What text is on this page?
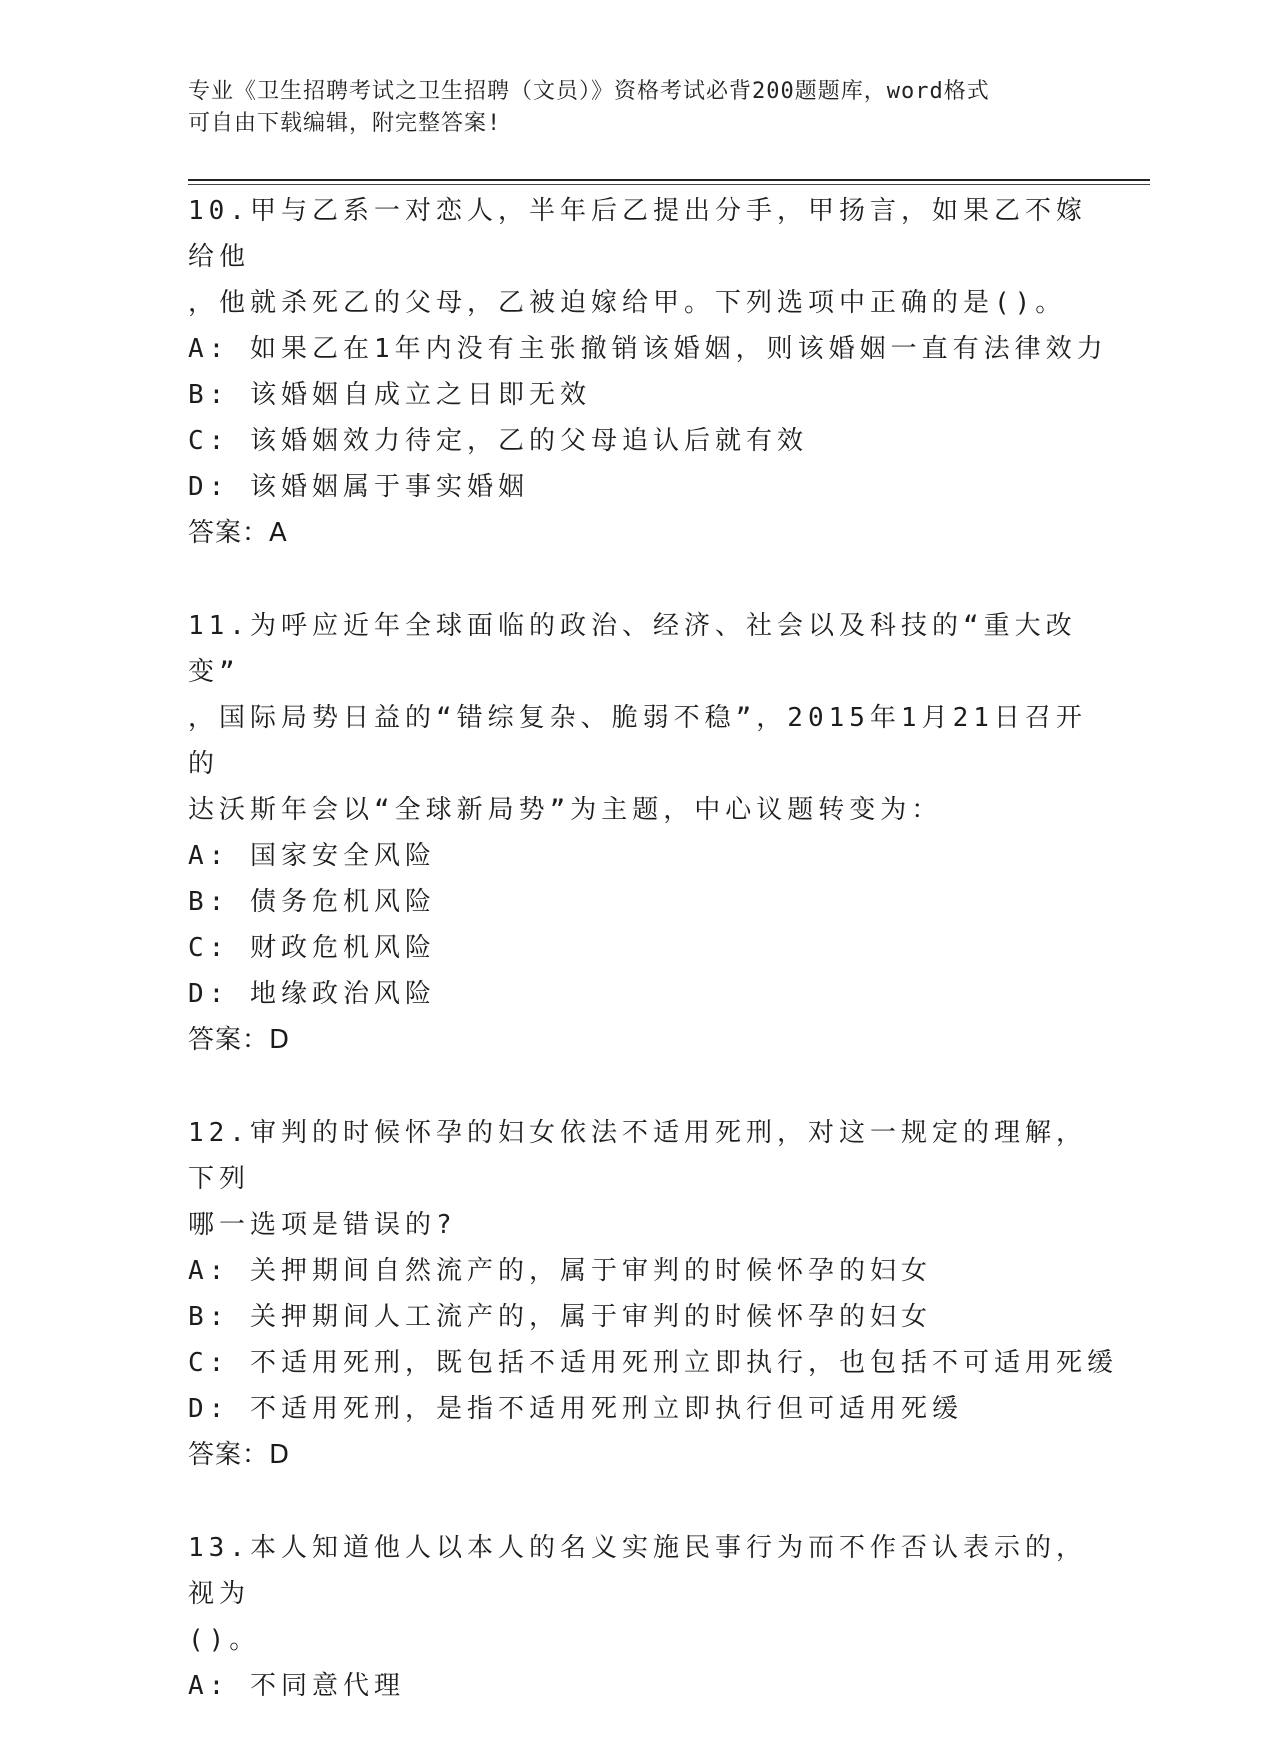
专业《卫生招聘考试之卫生招聘（文员）》资格考试必背200题题库，word格式
可自由下载编辑，附完整答案!
10.甲与乙系一对恋人，半年后乙提出分手，甲扬言，如果乙不嫁给他
，他就杀死乙的父母，乙被迫嫁给甲。下列选项中正确的是()。
A: 如果乙在1年内没有主张撤销该婚姻，则该婚姻一直有法律效力
B: 该婚姻自成立之日即无效
C: 该婚姻效力待定，乙的父母追认后就有效
D: 该婚姻属于事实婚姻
答案：A
11.为呼应近年全球面临的政治、经济、社会以及科技的“重大改变”
，国际局势日益的“错综复杂、脆弱不稳”，2015年1月21日召开的
达沃斯年会以“全球新局势”为主题，中心议题转变为：
A: 国家安全风险
B: 债务危机风险
C: 财政危机风险
D: 地缘政治风险
答案：D
12.审判的时候怀孕的妇女依法不适用死刑，对这一规定的理解，下列
哪一选项是错误的?
A: 关押期间自然流产的，属于审判的时候怀孕的妇女
B: 关押期间人工流产的，属于审判的时候怀孕的妇女
C: 不适用死刑，既包括不适用死刑立即执行，也包括不可适用死缓
D: 不适用死刑，是指不适用死刑立即执行但可适用死缓
答案：D
13.本人知道他人以本人的名义实施民事行为而不作否认表示的，视为
()。
A: 不同意代理
